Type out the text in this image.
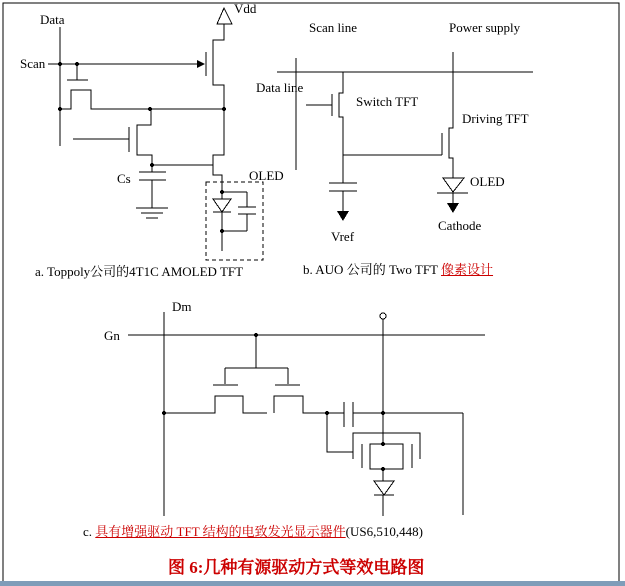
Data
Scan
Vdd
Cs	OLED
Scan line	Power supply
Data line
Switch TFT
Driving TFT
OLED
Vref
Cathode
Dm
Gn
a. Toppoly公司的4T1C AMOLED TFT	b. AUO 公司的 Two TFT 像素设计
c. 具有增强驱动 TFT 结构的电致发光显示器件(US6,510,448)
图 6:几种有源驱动方式等效电路图
